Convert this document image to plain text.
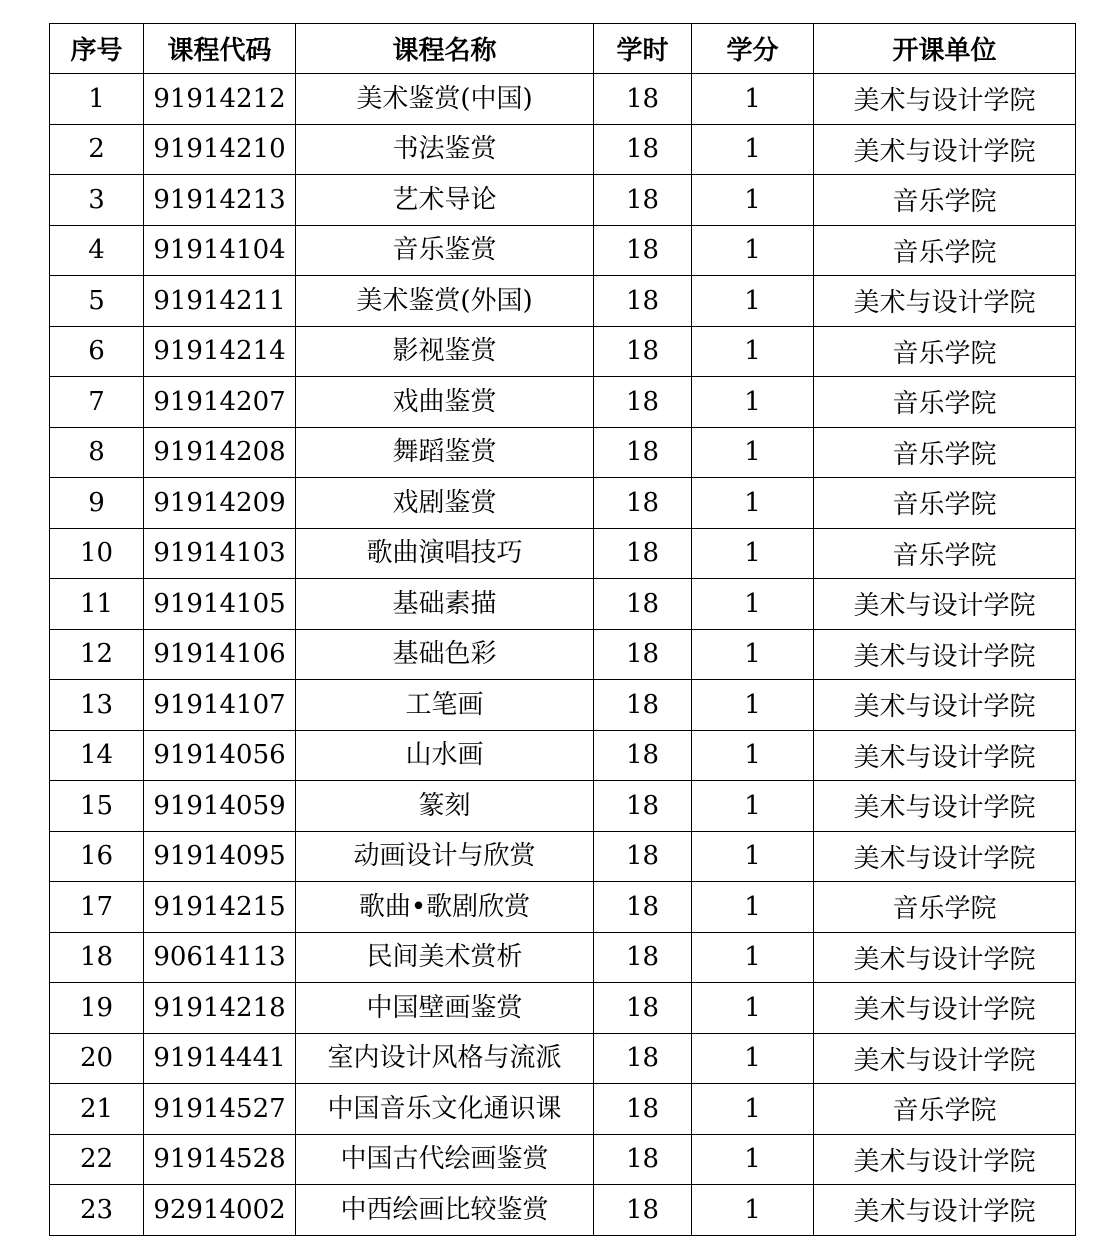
序号	课程代码	课程名称	学时	学分	开课单位
1	91914212	美术鉴赏(中国)	18	1	美术与设计学院
2	91914210	书法鉴赏	18	1	美术与设计学院
3	91914213	艺术导论	18	1	音乐学院
4	91914104	音乐鉴赏	18	1	音乐学院
5	91914211	美术鉴赏(外国)	18	1	美术与设计学院
6	91914214	影视鉴赏	18	1	音乐学院
7	91914207	戏曲鉴赏	18	1	音乐学院
8	91914208	舞蹈鉴赏	18	1	音乐学院
9	91914209	戏剧鉴赏	18	1	音乐学院
10	91914103	歌曲演唱技巧	18	1	音乐学院
11	91914105	基础素描	18	1	美术与设计学院
12	91914106	基础色彩	18	1	美术与设计学院
13	91914107	工笔画	18	1	美术与设计学院
14	91914056	山水画	18	1	美术与设计学院
15	91914059	篆刻	18	1	美术与设计学院
16	91914095	动画设计与欣赏	18	1	美术与设计学院
17	91914215	歌曲•歌剧欣赏	18	1	音乐学院
18	90614113	民间美术赏析	18	1	美术与设计学院
19	91914218	中国壁画鉴赏	18	1	美术与设计学院
20	91914441	室内设计风格与流派	18	1	美术与设计学院
21	91914527	中国音乐文化通识课	18	1	音乐学院
22	91914528	中国古代绘画鉴赏	18	1	美术与设计学院
23	92914002	中西绘画比较鉴赏	18	1	美术与设计学院
